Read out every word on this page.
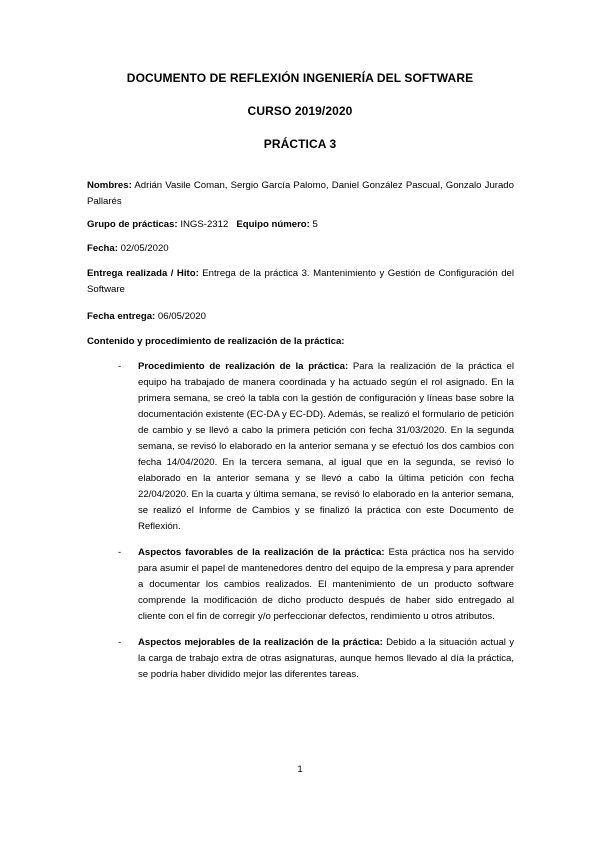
DOCUMENTO DE REFLEXIÓN INGENIERÍA DEL SOFTWARE
CURSO 2019/2020
PRÁCTICA 3
Nombres: Adrián Vasile Coman, Sergio García Palomo, Daniel González Pascual, Gonzalo Jurado Pallarés
Grupo de prácticas: INGS-2312 Equipo número: 5
Fecha: 02/05/2020
Entrega realizada / Hito: Entrega de la práctica 3. Mantenimiento y Gestión de Configuración del Software
Fecha entrega: 06/05/2020
Contenido y procedimiento de realización de la práctica:
- Procedimiento de realización de la práctica: Para la realización de la práctica el equipo ha trabajado de manera coordinada y ha actuado según el rol asignado. En la primera semana, se creó la tabla con la gestión de configuración y líneas base sobre la documentación existente (EC-DA y EC-DD). Además, se realizó el formulario de petición de cambio y se llevó a cabo la primera petición con fecha 31/03/2020. En la segunda semana, se revisó lo elaborado en la anterior semana y se efectuó los dos cambios con fecha 14/04/2020. En la tercera semana, al igual que en la segunda, se revisó lo elaborado en la anterior semana y se llevó a cabo la última petición con fecha 22/04/2020. En la cuarta y última semana, se revisó lo elaborado en la anterior semana, se realizó el Informe de Cambios y se finalizó la práctica con este Documento de Reflexión.
- Aspectos favorables de la realización de la práctica: Esta práctica nos ha servido para asumir el papel de mantenedores dentro del equipo de la empresa y para aprender a documentar los cambios realizados. El mantenimiento de un producto software comprende la modificación de dicho producto después de haber sido entregado al cliente con el fin de corregir y/o perfeccionar defectos, rendimiento u otros atributos.
- Aspectos mejorables de la realización de la práctica: Debido a la situación actual y la carga de trabajo extra de otras asignaturas, aunque hemos llevado al día la práctica, se podría haber dividido mejor las diferentes tareas.
1
